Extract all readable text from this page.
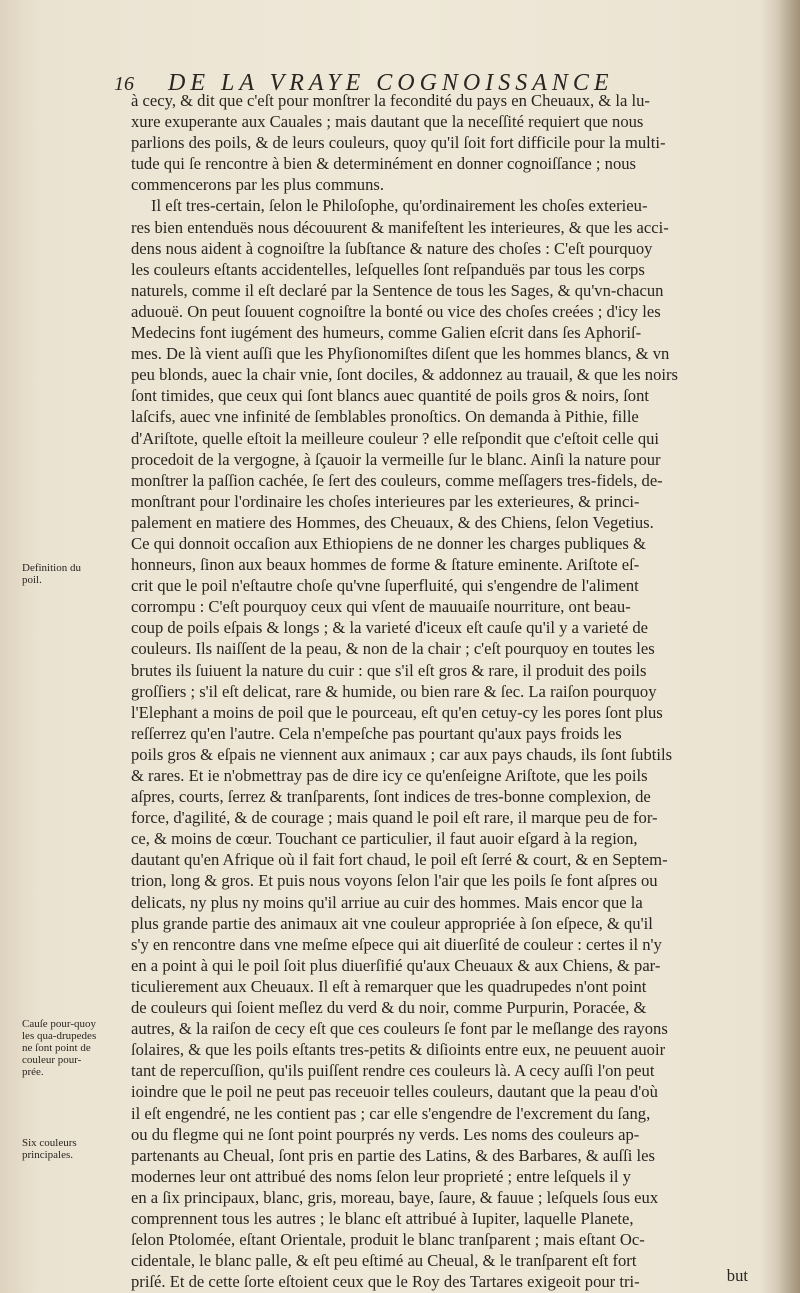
16 DE LA VRAYE COGNOISSANCE

à cecy, & dit que c'eſt pour monſtrer la fecondité du pays en Cheuaux, & la lu-

xure exuperante aux Cauales ; mais dautant que la neceſſité requiert que nous

parlions des poils, & de leurs couleurs, quoy qu'il ſoit fort difficile pour la multi-

tude qui ſe rencontre à bien & determinément en donner cognoiſſance ; nous

commencerons par les plus communs.

Il eſt tres-certain, ſelon le Philoſophe, qu'ordinairement les choſes exterieu-

res bien entenduës nous découurent & manifeſtent les interieures, & que les acci-

dens nous aident à cognoiſtre la ſubſtance & nature des choſes : C'eſt pourquoy

les couleurs eſtants accidentelles, leſquelles ſont reſpanduës par tous les corps

naturels, comme il eſt declaré par la Sentence de tous les Sages, & qu'vn-chacun

aduouë. On peut ſouuent cognoiſtre la bonté ou vice des choſes creées ; d'icy les

Medecins font iugément des humeurs, comme Galien eſcrit dans ſes Aphoriſ-

mes. De là vient auſſi que les Phyſionomiſtes diſent que les hommes blancs, & vn

peu blonds, auec la chair vnie, ſont dociles, & addonnez au trauail, & que les noirs

ſont timides, que ceux qui ſont blancs auec quantité de poils gros & noirs, ſont

laſcifs, auec vne infinité de ſemblables pronoſtics. On demanda à Pithie, fille

d'Ariſtote, quelle eſtoit la meilleure couleur ? elle reſpondit que c'eſtoit celle qui

procedoit de la vergogne, à ſçauoir la vermeille ſur le blanc. Ainſi la nature pour

monſtrer la paſſion cachée, ſe ſert des couleurs, comme meſſagers tres-fidels, de-

monſtrant pour l'ordinaire les choſes interieures par les exterieures, & princi-

palement en matiere des Hommes, des Cheuaux, & des Chiens, ſelon Vegetius.

Ce qui donnoit occaſion aux Ethiopiens de ne donner les charges publiques &

honneurs, ſinon aux beaux hommes de forme & ſtature eminente. Ariſtote eſ-

crit que le poil n'eſtautre choſe qu'vne ſuperfluité, qui s'engendre de l'aliment

corrompu : C'eſt pourquoy ceux qui vſent de mauuaiſe nourriture, ont beau-

coup de poils eſpais & longs ; & la varieté d'iceux eſt cauſe qu'il y a varieté de

couleurs. Ils naiſſent de la peau, & non de la chair ; c'eſt pourquoy en toutes les

brutes ils ſuiuent la nature du cuir : que s'il eſt gros & rare, il produit des poils

groſſiers ; s'il eſt delicat, rare & humide, ou bien rare & ſec. La raiſon pourquoy

l'Elephant a moins de poil que le pourceau, eſt qu'en cetuy-cy les pores ſont plus

reſſerrez qu'en l'autre. Cela n'empeſche pas pourtant qu'aux pays froids les

poils gros & eſpais ne viennent aux animaux ; car aux pays chauds, ils ſont ſubtils

& rares. Et ie n'obmettray pas de dire icy ce qu'enſeigne Ariſtote, que les poils

aſpres, courts, ſerrez & tranſparents, ſont indices de tres-bonne complexion, de

force, d'agilité, & de courage ; mais quand le poil eſt rare, il marque peu de for-

ce, & moins de cœur. Touchant ce particulier, il faut auoir eſgard à la region,

dautant qu'en Afrique où il fait fort chaud, le poil eſt ſerré & court, & en Septem-

trion, long & gros. Et puis nous voyons ſelon l'air que les poils ſe font aſpres ou

delicats, ny plus ny moins qu'il arriue au cuir des hommes. Mais encor que la

plus grande partie des animaux ait vne couleur appropriée à ſon eſpece, & qu'il

s'y en rencontre dans vne meſme eſpece qui ait diuerſité de couleur : certes il n'y

en a point à qui le poil ſoit plus diuerſifié qu'aux Cheuaux & aux Chiens, & par-

ticulierement aux Cheuaux. Il eſt à remarquer que les quadrupedes n'ont point

de couleurs qui ſoient meſlez du verd & du noir, comme Purpurin, Poracée, &

autres, & la raiſon de cecy eſt que ces couleurs ſe font par le meſlange des rayons

ſolaires, & que les poils eſtants tres-petits & diſioints entre eux, ne peuuent auoir

tant de repercuſſion, qu'ils puiſſent rendre ces couleurs là. A cecy auſſi l'on peut

ioindre que le poil ne peut pas receuoir telles couleurs, dautant que la peau d'où

il eſt engendré, ne les contient pas ; car elle s'engendre de l'excrement du ſang,

ou du flegme qui ne ſont point pourprés ny verds. Les noms des couleurs ap-

partenants au Cheual, ſont pris en partie des Latins, & des Barbares, & auſſi les

modernes leur ont attribué des noms ſelon leur proprieté ; entre leſquels il y

en a ſix principaux, blanc, gris, moreau, baye, ſaure, & fauue ; leſquels ſous eux

comprennent tous les autres ; le blanc eſt attribué à Iupiter, laquelle Planete,

ſelon Ptolomée, eſtant Orientale, produit le blanc tranſparent ; mais eſtant Oc-

cidentale, le blanc palle, & eſt peu eſtimé au Cheual, & le tranſparent eſt fort

priſé. Et de cette ſorte eſtoient ceux que le Roy des Tartares exigeoit pour tri-

Definition du poil.
Cauſe pour-quoy les qua-drupedes ne ſont point de couleur pour-prée.
Six couleurs principales.
but
